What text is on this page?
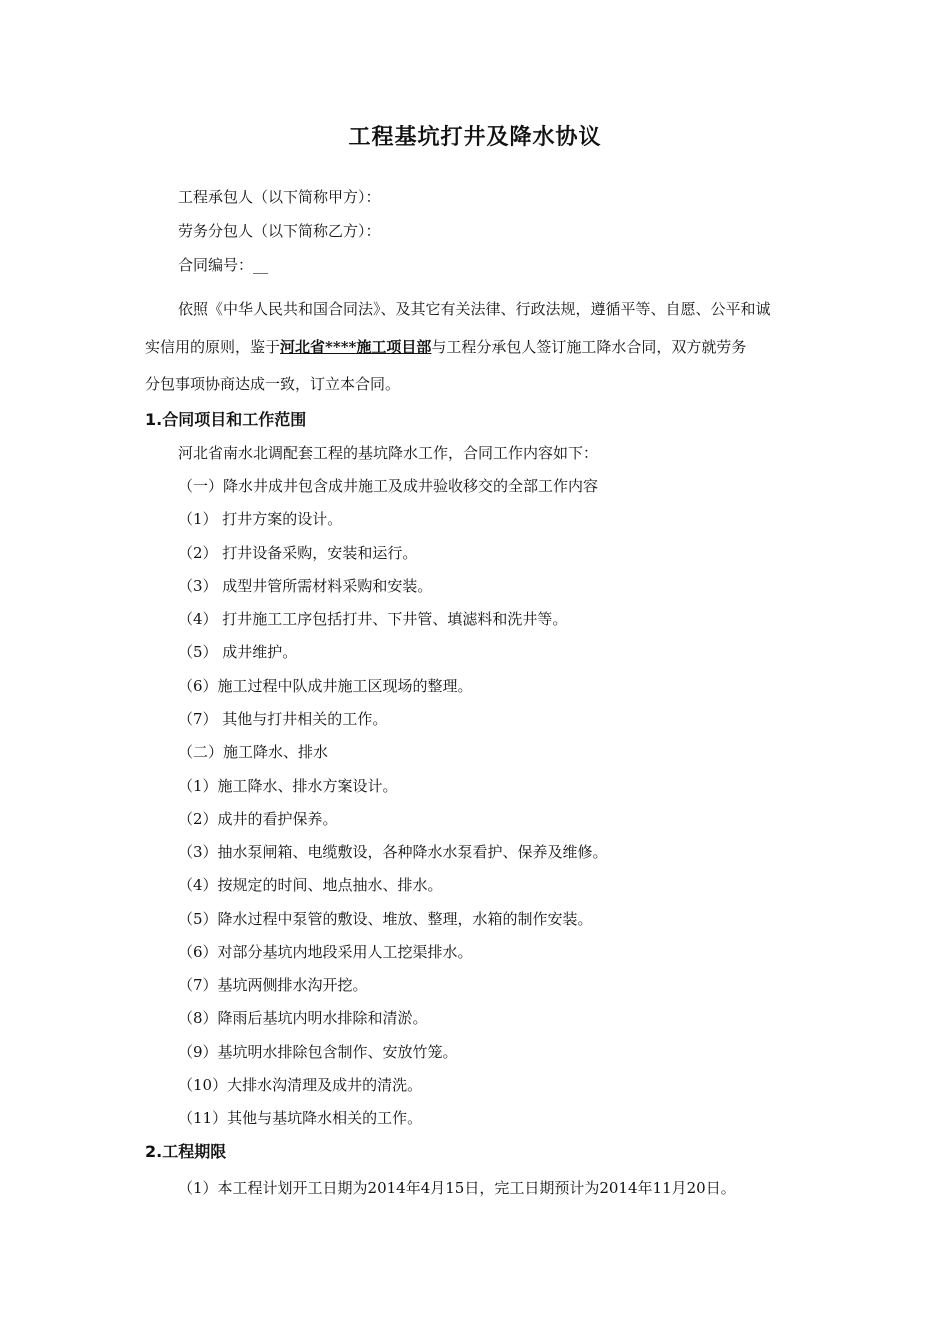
工程基坑打井及降水协议
工程承包人（以下简称甲方）：
劳务分包人（以下简称乙方）：
合同编号：__
依照《中华人民共和国合同法》、及其它有关法律、行政法规，遵循平等、自愿、公平和诚
实信用的原则，鉴于河北省****施工项目部与工程分承包人签订施工降水合同，双方就劳务
分包事项协商达成一致，订立本合同。
1.合同项目和工作范围
河北省南水北调配套工程的基坑降水工作，合同工作内容如下：
（一）降水井成井包含成井施工及成井验收移交的全部工作内容
（1） 打井方案的设计。
（2） 打井设备采购，安装和运行。
（3） 成型井管所需材料采购和安装。
（4） 打井施工工序包括打井、下井管、填滤料和洗井等。
（5） 成井维护。
（6）施工过程中队成井施工区现场的整理。
（7） 其他与打井相关的工作。
（二）施工降水、排水
（1）施工降水、排水方案设计。
（2）成井的看护保养。
（3）抽水泵闸箱、电缆敷设，各种降水水泵看护、保养及维修。
（4）按规定的时间、地点抽水、排水。
（5）降水过程中泵管的敷设、堆放、整理，水箱的制作安装。
（6）对部分基坑内地段采用人工挖渠排水。
（7）基坑两侧排水沟开挖。
（8）降雨后基坑内明水排除和清淤。
（9）基坑明水排除包含制作、安放竹笼。
（10）大排水沟清理及成井的清洗。
（11）其他与基坑降水相关的工作。
2.工程期限
（1）本工程计划开工日期为2014年4月15日，完工日期预计为2014年11月20日。
